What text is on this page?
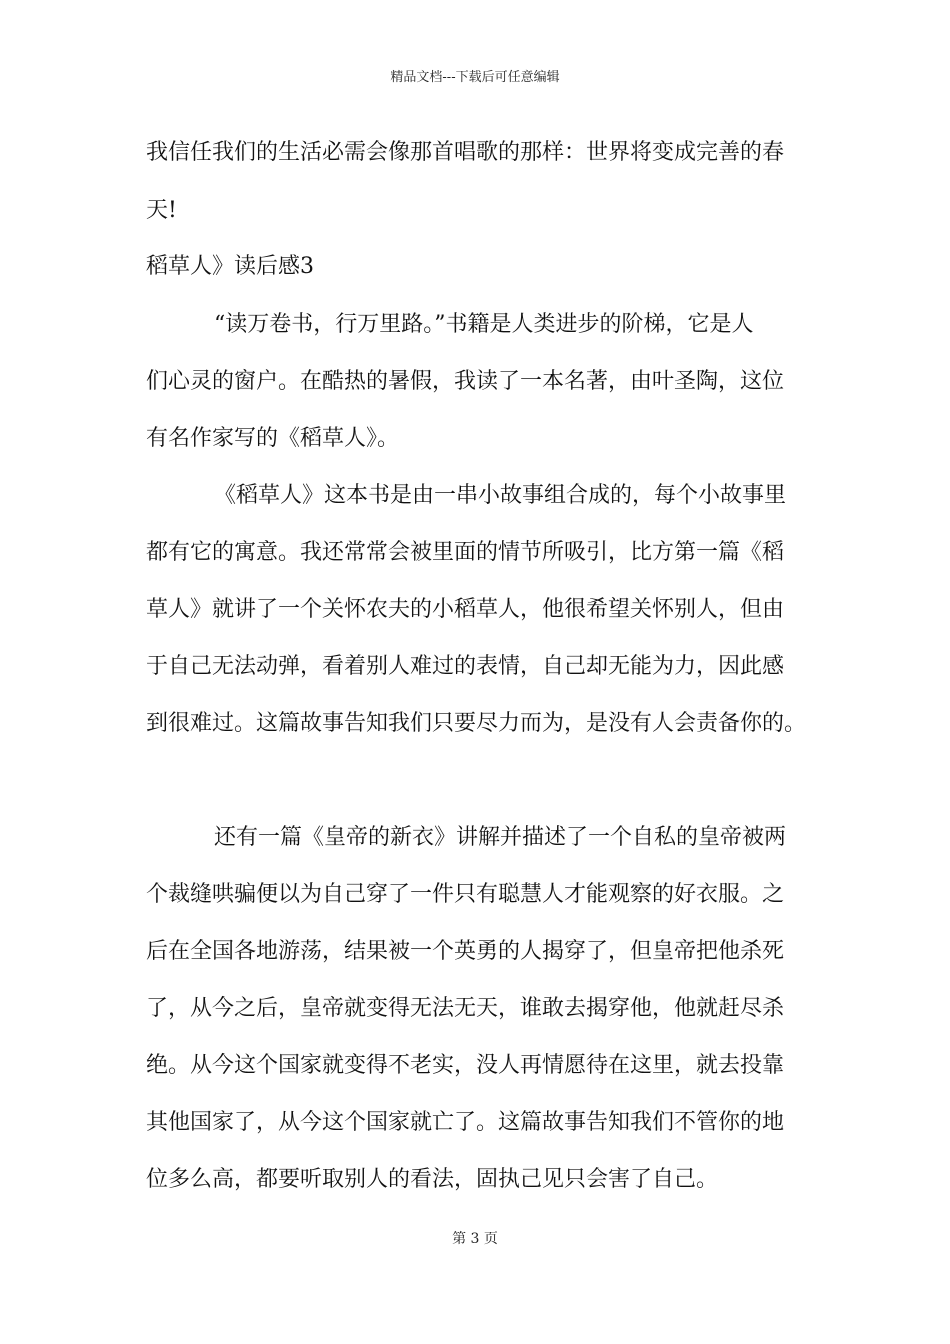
精品文档---下载后可任意编辑
我信任我们的生活必需会像那首唱歌的那样：世界将变成完善的春
天!
稻草人》读后感3
“读万卷书，行万里路。”书籍是人类进步的阶梯，它是人
们心灵的窗户。在酷热的暑假，我读了一本名著，由叶圣陶，这位
有名作家写的《稻草人》。
《稻草人》这本书是由一串小故事组合成的，每个小故事里
都有它的寓意。我还常常会被里面的情节所吸引，比方第一篇《稻
草人》就讲了一个关怀农夫的小稻草人，他很希望关怀别人，但由
于自己无法动弹，看着别人难过的表情，自己却无能为力，因此感
到很难过。这篇故事告知我们只要尽力而为，是没有人会责备你的。
还有一篇《皇帝的新衣》讲解并描述了一个自私的皇帝被两
个裁缝哄骗便以为自己穿了一件只有聪慧人才能观察的好衣服。之
后在全国各地游荡，结果被一个英勇的人揭穿了，但皇帝把他杀死
了，从今之后，皇帝就变得无法无天，谁敢去揭穿他，他就赶尽杀
绝。从今这个国家就变得不老实，没人再情愿待在这里，就去投靠
其他国家了，从今这个国家就亡了。这篇故事告知我们不管你的地
位多么高，都要听取别人的看法，固执己见只会害了自己。
第 3 页
